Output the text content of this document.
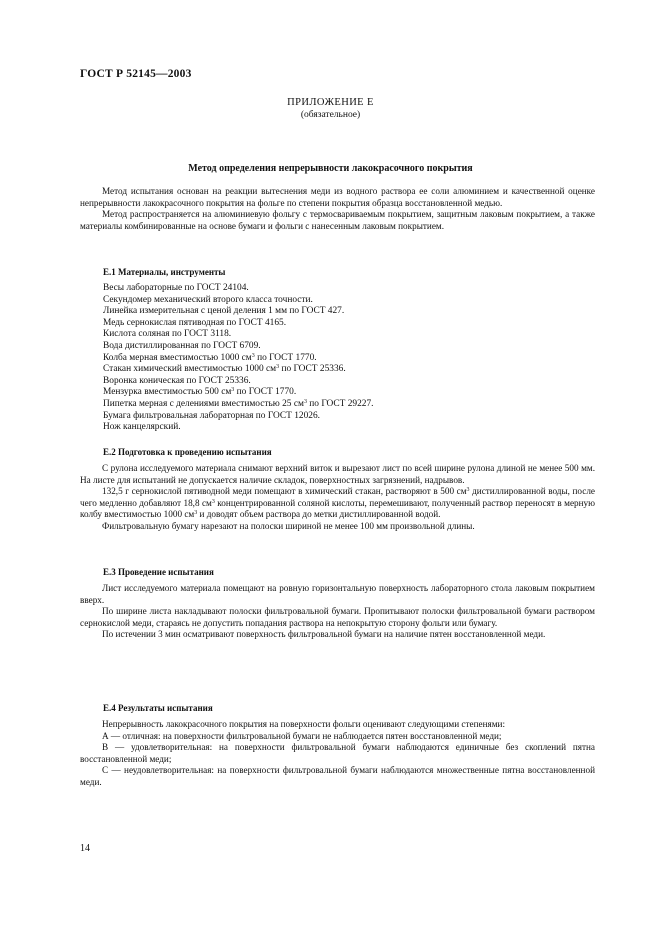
ГОСТ Р 52145—2003
ПРИЛОЖЕНИЕ Е
(обязательное)
Метод определения непрерывности лакокрасочного покрытия

Метод испытания основан на реакции вытеснения меди из водного раствора ее соли алюминием и качественной оценке непрерывности лакокрасочного покрытия на фольге по степени покрытия образца восстановленной медью.

Метод распространяется на алюминиевую фольгу с термосвариваемым покрытием, защитным лаковым покрытием, а также материалы комбинированные на основе бумаги и фольги с нанесенным лаковым покрытием.

Е.1 Материалы, инструменты
Весы лабораторные по ГОСТ 24104.
Секундомер механический второго класса точности.
Линейка измерительная с ценой деления 1 мм по ГОСТ 427.
Медь сернокислая пятиводная по ГОСТ 4165.
Кислота соляная по ГОСТ 3118.
Вода дистиллированная по ГОСТ 6709.
Колба мерная вместимостью 1000 $см^3$ по ГОСТ 1770.
Стакан химический вместимостью 1000 $см^3$ по ГОСТ 25336.
Воронка коническая по ГОСТ 25336.
Мензурка вместимостью 500 $см^3$ по ГОСТ 1770.
Пипетка мерная с делениями вместимостью 25 $см^3$ по ГОСТ 29227.
Бумага фильтровальная лабораторная по ГОСТ 12026.
Нож канцелярский.
Е.2 Подготовка к проведению испытания

С рулона исследуемого материала снимают верхний виток и вырезают лист по всей ширине рулона длиной не менее 500 мм. На листе для испытаний не допускается наличие складок, поверхностных загрязнений, надрывов.

132,5 г сернокислой пятиводной меди помещают в химический стакан, растворяют в 500 $см^3$ дистиллированной воды, после чего медленно добавляют 18,8 $см^3$ концентрированной соляной кислоты, перемешивают, полученный раствор переносят в мерную колбу вместимостью 1000 $см^3$ и доводят объем раствора до метки дистиллированной водой.

Фильтровальную бумагу нарезают на полоски шириной не менее 100 мм произвольной длины.

Е.3 Проведение испытания

Лист исследуемого материала помещают на ровную горизонтальную поверхность лабораторного стола лаковым покрытием вверх.

По ширине листа накладывают полоски фильтровальной бумаги. Пропитывают полоски фильтровальной бумаги раствором сернокислой меди, стараясь не допустить попадания раствора на непокрытую сторону фольги или бумагу.

По истечении 3 мин осматривают поверхность фильтровальной бумаги на наличие пятен восстановленной меди.

Е.4 Результаты испытания

Непрерывность лакокрасочного покрытия на поверхности фольги оценивают следующими степенями:

А — отличная: на поверхности фильтровальной бумаги не наблюдается пятен восстановленной меди;

В — удовлетворительная: на поверхности фильтровальной бумаги наблюдаются единичные без скоплений пятна восстановленной меди;

С — неудовлетворительная: на поверхности фильтровальной бумаги наблюдаются множественные пятна восстановленной меди.

14
